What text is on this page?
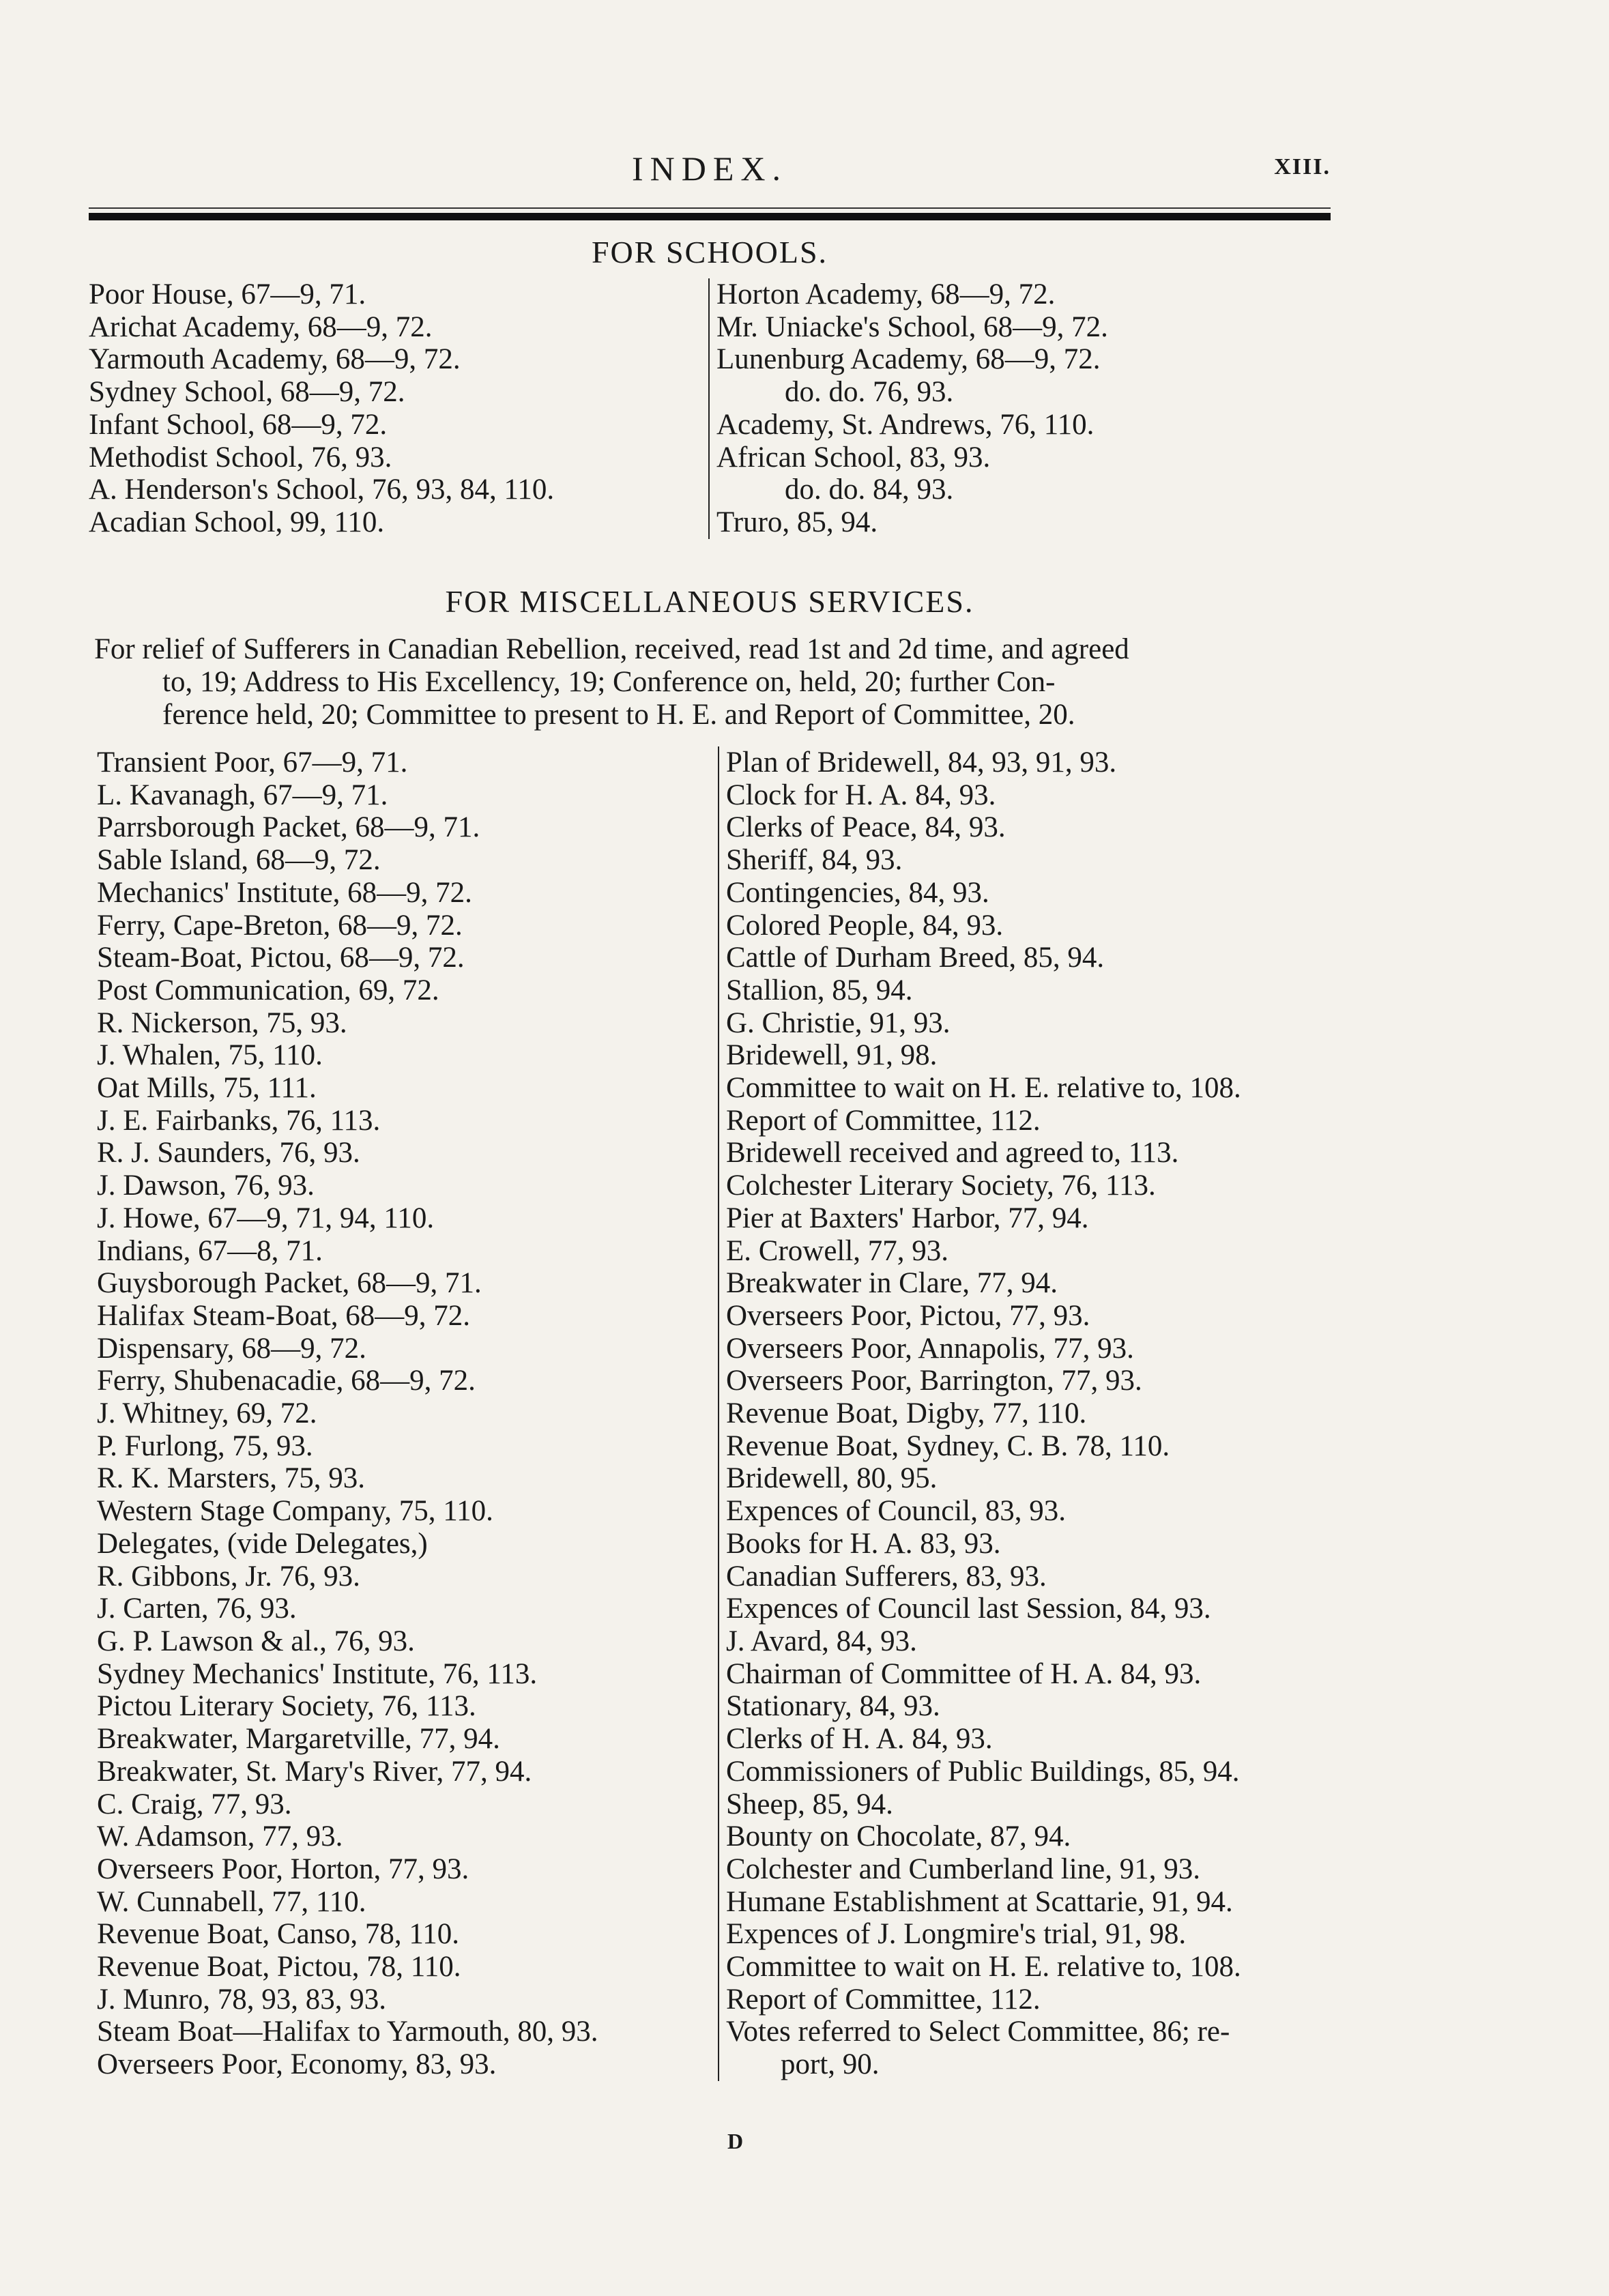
INDEX.	XIII.
FOR SCHOOLS.
Poor House, 67—9, 71.
Arichat Academy, 68—9, 72.
Yarmouth Academy, 68—9, 72.
Sydney School, 68—9, 72.
Infant School, 68—9, 72.
Methodist School, 76, 93.
A. Henderson's School, 76, 93, 84, 110.
Acadian School, 99, 110.
Horton Academy, 68—9, 72.
Mr. Uniacke's School, 68—9, 72.
Lunenburg Academy, 68—9, 72.
do. do. 76, 93.
Academy, St. Andrews, 76, 110.
African School, 83, 93.
do. do. 84, 93.
Truro, 85, 94.
FOR MISCELLANEOUS SERVICES.
For relief of Sufferers in Canadian Rebellion, received, read 1st and 2d time, and agreed
to, 19; Address to His Excellency, 19; Conference on, held, 20; further Con-
ference held, 20; Committee to present to H. E. and Report of Committee, 20.
Transient Poor, 67—9, 71.
L. Kavanagh, 67—9, 71.
Parrsborough Packet, 68—9, 71.
Sable Island, 68—9, 72.
Mechanics' Institute, 68—9, 72.
Ferry, Cape-Breton, 68—9, 72.
Steam-Boat, Pictou, 68—9, 72.
Post Communication, 69, 72.
R. Nickerson, 75, 93.
J. Whalen, 75, 110.
Oat Mills, 75, 111.
J. E. Fairbanks, 76, 113.
R. J. Saunders, 76, 93.
J. Dawson, 76, 93.
J. Howe, 67—9, 71, 94, 110.
Indians, 67—8, 71.
Guysborough Packet, 68—9, 71.
Halifax Steam-Boat, 68—9, 72.
Dispensary, 68—9, 72.
Ferry, Shubenacadie, 68—9, 72.
J. Whitney, 69, 72.
P. Furlong, 75, 93.
R. K. Marsters, 75, 93.
Western Stage Company, 75, 110.
Delegates, (vide Delegates,)
R. Gibbons, Jr. 76, 93.
J. Carten, 76, 93.
G. P. Lawson & al., 76, 93.
Sydney Mechanics' Institute, 76, 113.
Pictou Literary Society, 76, 113.
Breakwater, Margaretville, 77, 94.
Breakwater, St. Mary's River, 77, 94.
C. Craig, 77, 93.
W. Adamson, 77, 93.
Overseers Poor, Horton, 77, 93.
W. Cunnabell, 77, 110.
Revenue Boat, Canso, 78, 110.
Revenue Boat, Pictou, 78, 110.
J. Munro, 78, 93, 83, 93.
Steam Boat—Halifax to Yarmouth, 80, 93.
Overseers Poor, Economy, 83, 93.
Plan of Bridewell, 84, 93, 91, 93.
Clock for H. A. 84, 93.
Clerks of Peace, 84, 93.
Sheriff, 84, 93.
Contingencies, 84, 93.
Colored People, 84, 93.
Cattle of Durham Breed, 85, 94.
Stallion, 85, 94.
G. Christie, 91, 93.
Bridewell, 91, 98.
Committee to wait on H. E. relative to, 108.
Report of Committee, 112.
Bridewell received and agreed to, 113.
Colchester Literary Society, 76, 113.
Pier at Baxters' Harbor, 77, 94.
E. Crowell, 77, 93.
Breakwater in Clare, 77, 94.
Overseers Poor, Pictou, 77, 93.
Overseers Poor, Annapolis, 77, 93.
Overseers Poor, Barrington, 77, 93.
Revenue Boat, Digby, 77, 110.
Revenue Boat, Sydney, C. B. 78, 110.
Bridewell, 80, 95.
Expences of Council, 83, 93.
Books for H. A. 83, 93.
Canadian Sufferers, 83, 93.
Expences of Council last Session, 84, 93.
J. Avard, 84, 93.
Chairman of Committee of H. A. 84, 93.
Stationary, 84, 93.
Clerks of H. A. 84, 93.
Commissioners of Public Buildings, 85, 94.
Sheep, 85, 94.
Bounty on Chocolate, 87, 94.
Colchester and Cumberland line, 91, 93.
Humane Establishment at Scattarie, 91, 94.
Expences of J. Longmire's trial, 91, 98.
Committee to wait on H. E. relative to, 108.
Report of Committee, 112.
Votes referred to Select Committee, 86; re-
port, 90.
D
